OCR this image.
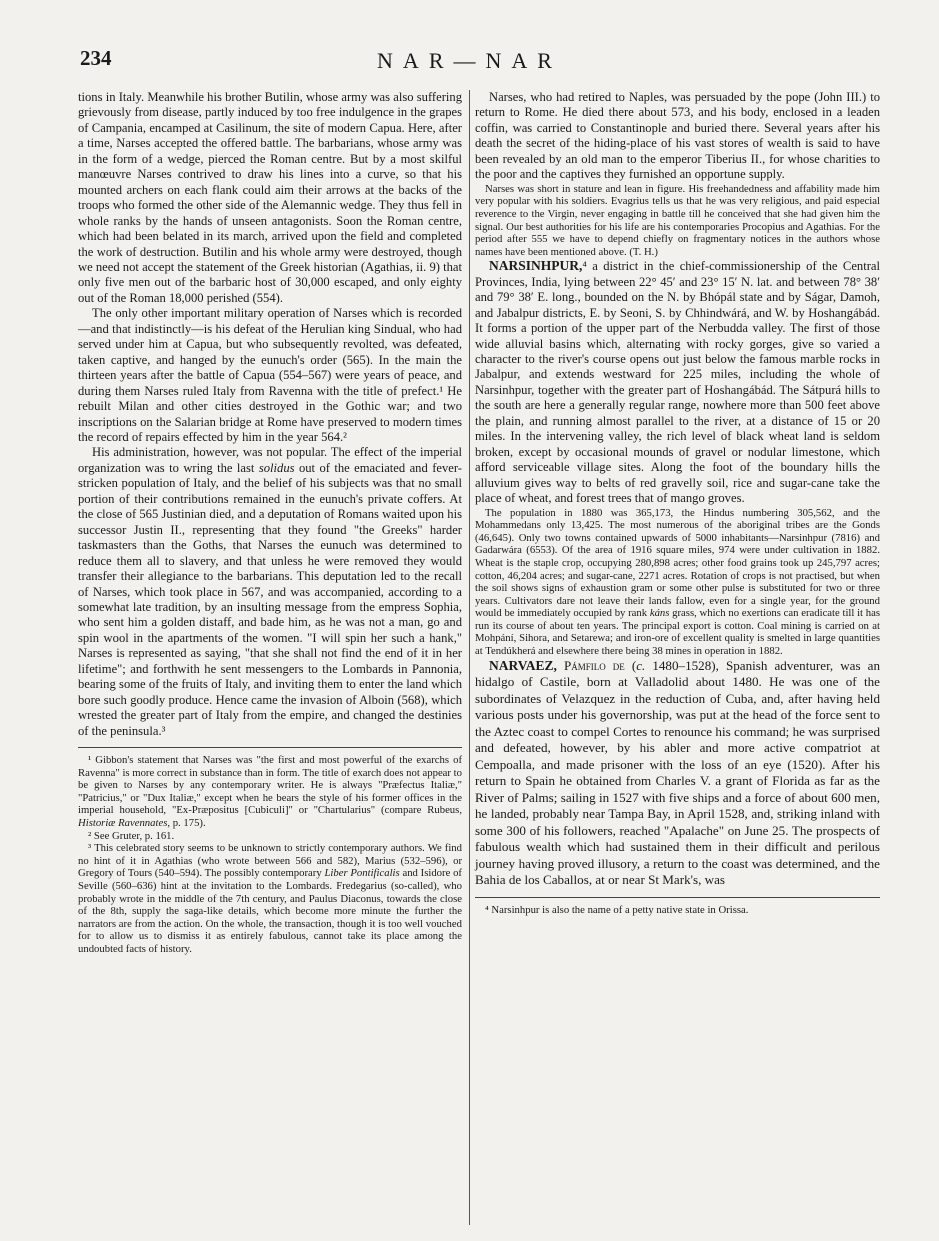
234	NAR—NAR

tions in Italy. Meanwhile his brother Butilin, whose army was also suffering grievously from disease, partly induced by too free indulgence in the grapes of Campania, encamped at Casilinum, the site of modern Capua. Here, after a time, Narses accepted the offered battle. The barbarians, whose army was in the form of a wedge, pierced the Roman centre. But by a most skilful manœuvre Narses contrived to draw his lines into a curve, so that his mounted archers on each flank could aim their arrows at the backs of the troops who formed the other side of the Alemannic wedge. They thus fell in whole ranks by the hands of unseen antagonists. Soon the Roman centre, which had been belated in its march, arrived upon the field and completed the work of destruction. Butilin and his whole army were destroyed, though we need not accept the statement of the Greek historian (Agathias, ii. 9) that only five men out of the barbaric host of 30,000 escaped, and only eighty out of the Roman 18,000 perished (554).

The only other important military operation of Narses which is recorded—and that indistinctly—is his defeat of the Herulian king Sindual, who had served under him at Capua, but who subsequently revolted, was defeated, taken captive, and hanged by the eunuch's order (565). In the main the thirteen years after the battle of Capua (554–567) were years of peace, and during them Narses ruled Italy from Ravenna with the title of prefect.¹ He rebuilt Milan and other cities destroyed in the Gothic war; and two inscriptions on the Salarian bridge at Rome have preserved to modern times the record of repairs effected by him in the year 564.²

His administration, however, was not popular. The effect of the imperial organization was to wring the last solidus out of the emaciated and fever-stricken population of Italy, and the belief of his subjects was that no small portion of their contributions remained in the eunuch's private coffers. At the close of 565 Justinian died, and a deputation of Romans waited upon his successor Justin II., representing that they found "the Greeks" harder taskmasters than the Goths, that Narses the eunuch was determined to reduce them all to slavery, and that unless he were removed they would transfer their allegiance to the barbarians. This deputation led to the recall of Narses, which took place in 567, and was accompanied, according to a somewhat late tradition, by an insulting message from the empress Sophia, who sent him a golden distaff, and bade him, as he was not a man, go and spin wool in the apartments of the women. "I will spin her such a hank," Narses is represented as saying, "that she shall not find the end of it in her lifetime"; and forthwith he sent messengers to the Lombards in Pannonia, bearing some of the fruits of Italy, and inviting them to enter the land which bore such goodly produce. Hence came the invasion of Alboin (568), which wrested the greater part of Italy from the empire, and changed the destinies of the peninsula.³

¹ Gibbon's statement that Narses was "the first and most powerful of the exarchs of Ravenna" is more correct in substance than in form. The title of exarch does not appear to be given to Narses by any contemporary writer. He is always "Præfectus Italiæ," "Patricius," or "Dux Italiæ," except when he bears the style of his former offices in the imperial household, "Ex-Præpositus [Cubiculi]" or "Chartularius" (compare Rubeus, Historiæ Ravennates, p. 175).

² See Gruter, p. 161.

³ This celebrated story seems to be unknown to strictly contemporary authors. We find no hint of it in Agathias (who wrote between 566 and 582), Marius (532–596), or Gregory of Tours (540–594). The possibly contemporary Liber Pontificalis and Isidore of Seville (560–636) hint at the invitation to the Lombards. Fredegarius (so-called), who probably wrote in the middle of the 7th century, and Paulus Diaconus, towards the close of the 8th, supply the saga-like details, which become more minute the further the narrators are from the action. On the whole, the transaction, though it is too well vouched for to allow us to dismiss it as entirely fabulous, cannot take its place among the undoubted facts of history.

Narses, who had retired to Naples, was persuaded by the pope (John III.) to return to Rome. He died there about 573, and his body, enclosed in a leaden coffin, was carried to Constantinople and buried there. Several years after his death the secret of the hiding-place of his vast stores of wealth is said to have been revealed by an old man to the emperor Tiberius II., for whose charities to the poor and the captives they furnished an opportune supply.

Narses was short in stature and lean in figure. His freehandedness and affability made him very popular with his soldiers. Evagrius tells us that he was very religious, and paid especial reverence to the Virgin, never engaging in battle till he conceived that she had given him the signal. Our best authorities for his life are his contemporaries Procopius and Agathias. For the period after 555 we have to depend chiefly on fragmentary notices in the authors whose names have been mentioned above. (T. H.)

NARSINHPUR,⁴ a district in the chief-commissionership of the Central Provinces, India, lying between 22° 45′ and 23° 15′ N. lat. and between 78° 38′ and 79° 38′ E. long., bounded on the N. by Bhópál state and by Ságar, Damoh, and Jabalpur districts, E. by Seoni, S. by Chhindwárá, and W. by Hoshangábád. It forms a portion of the upper part of the Nerbudda valley. The first of those wide alluvial basins which, alternating with rocky gorges, give so varied a character to the river's course opens out just below the famous marble rocks in Jabalpur, and extends westward for 225 miles, including the whole of Narsinhpur, together with the greater part of Hoshangábád. The Sátpurá hills to the south are here a generally regular range, nowhere more than 500 feet above the plain, and running almost parallel to the river, at a distance of 15 or 20 miles. In the intervening valley, the rich level of black wheat land is seldom broken, except by occasional mounds of gravel or nodular limestone, which afford serviceable village sites. Along the foot of the boundary hills the alluvium gives way to belts of red gravelly soil, rice and sugar-cane take the place of wheat, and forest trees that of mango groves.

The population in 1880 was 365,173, the Hindus numbering 305,562, and the Mohammedans only 13,425. The most numerous of the aboriginal tribes are the Gonds (46,645). Only two towns contained upwards of 5000 inhabitants—Narsinhpur (7816) and Gadarwára (6553). Of the area of 1916 square miles, 974 were under cultivation in 1882. Wheat is the staple crop, occupying 280,898 acres; other food grains took up 245,797 acres; cotton, 46,204 acres; and sugar-cane, 2271 acres. Rotation of crops is not practised, but when the soil shows signs of exhaustion gram or some other pulse is substituted for two or three years. Cultivators dare not leave their lands fallow, even for a single year, for the ground would be immediately occupied by rank káns grass, which no exertions can eradicate till it has run its course of about ten years. The principal export is cotton. Coal mining is carried on at Mohpání, Sihora, and Setarewa; and iron-ore of excellent quality is smelted in large quantities at Tendúkherá and elsewhere there being 38 mines in operation in 1882.

NARVAEZ, Pámfilo de (c. 1480–1528), Spanish adventurer, was an hidalgo of Castile, born at Valladolid about 1480. He was one of the subordinates of Velazquez in the reduction of Cuba, and, after having held various posts under his governorship, was put at the head of the force sent to the Aztec coast to compel Cortes to renounce his command; he was surprised and defeated, however, by his abler and more active compatriot at Cempoalla, and made prisoner with the loss of an eye (1520). After his return to Spain he obtained from Charles V. a grant of Florida as far as the River of Palms; sailing in 1527 with five ships and a force of about 600 men, he landed, probably near Tampa Bay, in April 1528, and, striking inland with some 300 of his followers, reached "Apalache" on June 25. The prospects of fabulous wealth which had sustained them in their difficult and perilous journey having proved illusory, a return to the coast was determined, and the Bahia de los Caballos, at or near St Mark's, was

⁴ Narsinhpur is also the name of a petty native state in Orissa.
